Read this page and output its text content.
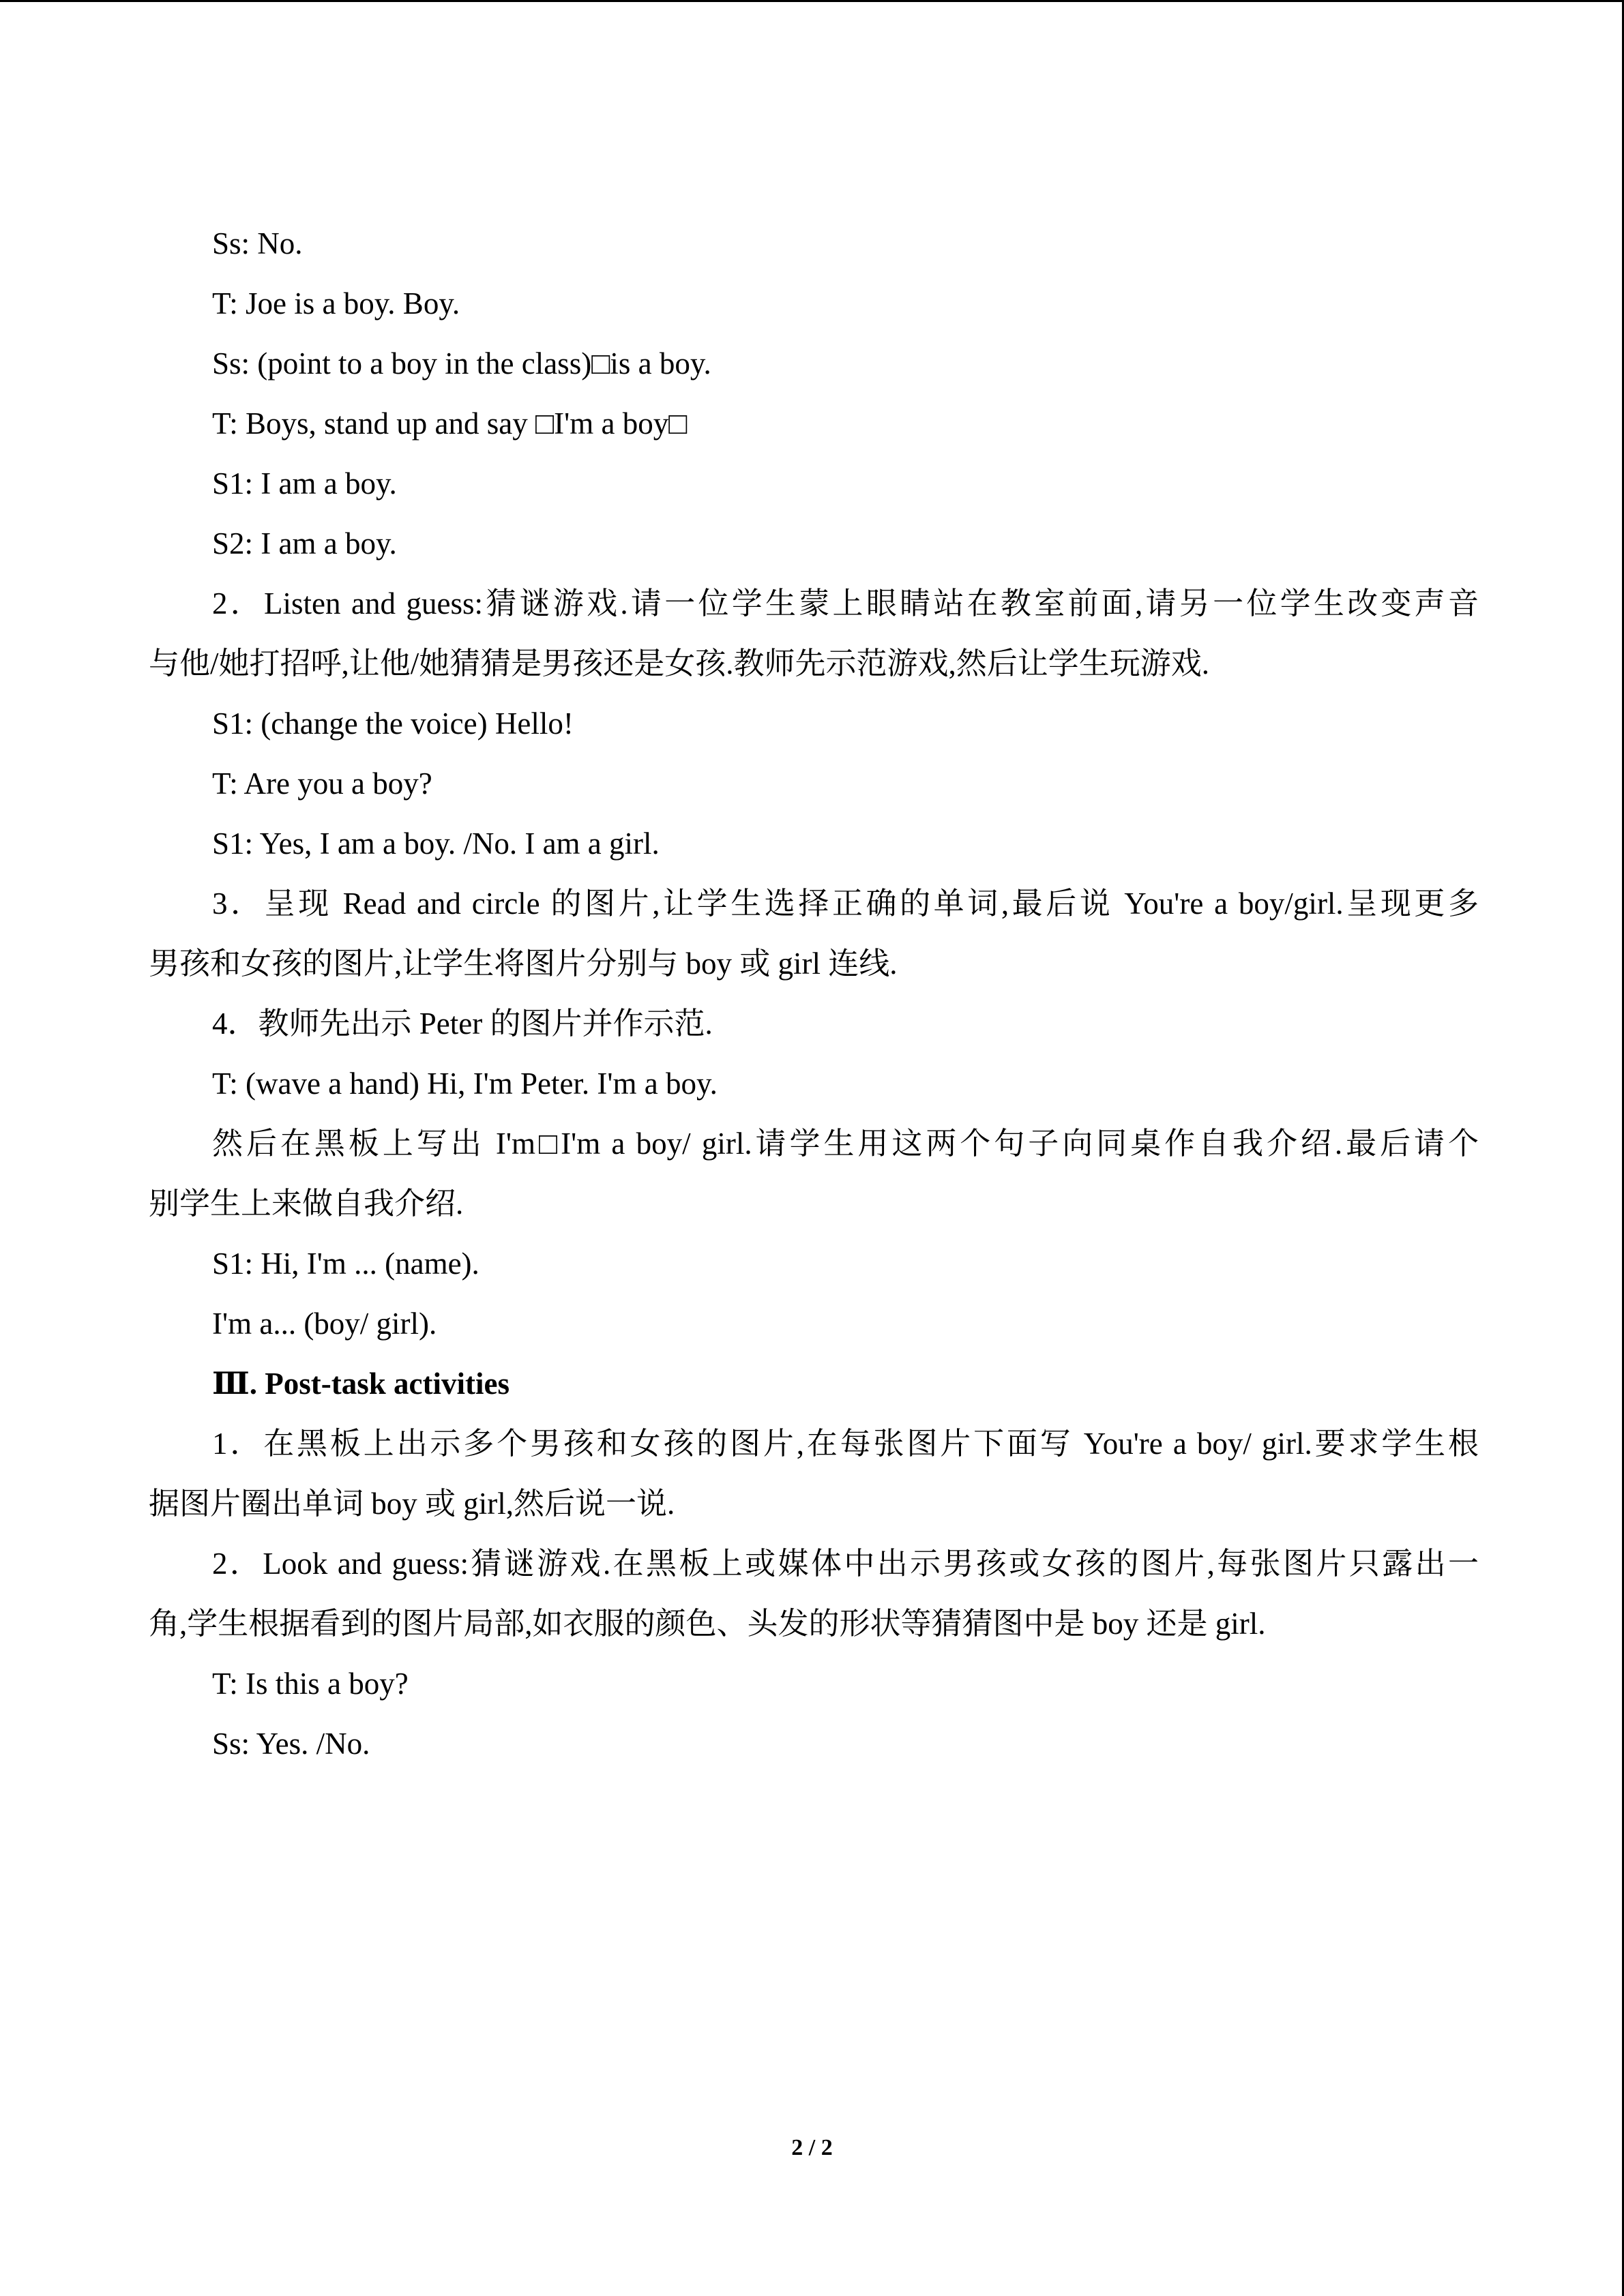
Ss: No.
T: Joe is a boy. Boy.
Ss: (point to a boy in the class)□is a boy.
T: Boys, stand up and say □I'm a boy□
S1: I am a boy.
S2: I am a boy.
2．Listen and guess:猜谜游戏.请一位学生蒙上眼睛站在教室前面,请另一位学生改变声音
与他/她打招呼,让他/她猜猜是男孩还是女孩.教师先示范游戏,然后让学生玩游戏.
S1: (change the voice) Hello!
T: Are you a boy?
S1: Yes, I am a boy. /No. I am a girl.
3．呈现 Read and circle 的图片,让学生选择正确的单词,最后说 You're a boy/girl.呈现更多
男孩和女孩的图片,让学生将图片分别与 boy 或 girl 连线.
4．教师先出示 Peter 的图片并作示范.
T: (wave a hand) Hi, I'm Peter. I'm a boy.
然后在黑板上写出 I'm□I'm a boy/ girl.请学生用这两个句子向同桌作自我介绍.最后请个
别学生上来做自我介绍.
S1: Hi, I'm ... (name).
I'm a... (boy/ girl).
Ⅲ. Post-task activities
1．在黑板上出示多个男孩和女孩的图片,在每张图片下面写 You're a boy/ girl.要求学生根
据图片圈出单词 boy 或 girl,然后说一说.
2．Look and guess:猜谜游戏.在黑板上或媒体中出示男孩或女孩的图片,每张图片只露出一
角,学生根据看到的图片局部,如衣服的颜色、头发的形状等猜猜图中是 boy 还是 girl.
T: Is this a boy?
Ss: Yes. /No.
2 / 2
